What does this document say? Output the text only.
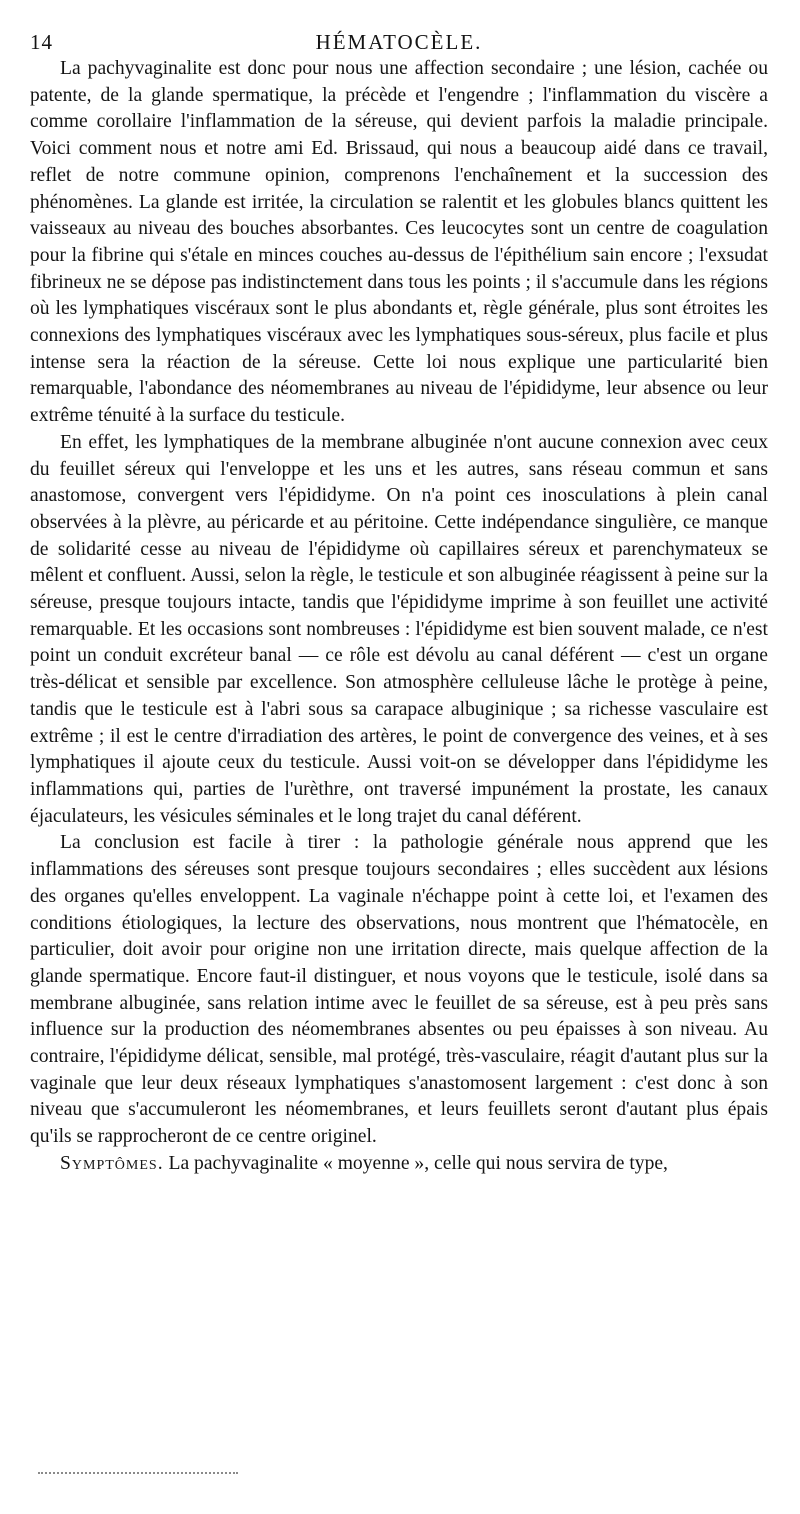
14	HÉMATOCÈLE.

La pachyvaginalite est donc pour nous une affection secondaire ; une lésion, cachée ou patente, de la glande spermatique, la précède et l'engendre ; l'inflammation du viscère a comme corollaire l'inflammation de la séreuse, qui devient parfois la maladie principale. Voici comment nous et notre ami Ed. Brissaud, qui nous a beaucoup aidé dans ce travail, reflet de notre commune opinion, comprenons l'enchaînement et la succession des phénomènes. La glande est irritée, la circulation se ralentit et les globules blancs quittent les vaisseaux au niveau des bouches absorbantes. Ces leucocytes sont un centre de coagulation pour la fibrine qui s'étale en minces couches au-dessus de l'épithélium sain encore ; l'exsudat fibrineux ne se dépose pas indistinctement dans tous les points ; il s'accumule dans les régions où les lymphatiques viscéraux sont le plus abondants et, règle générale, plus sont étroites les connexions des lymphatiques viscéraux avec les lymphatiques sous-séreux, plus facile et plus intense sera la réaction de la séreuse. Cette loi nous explique une particularité bien remarquable, l'abondance des néomembranes au niveau de l'épididyme, leur absence ou leur extrême ténuité à la surface du testicule.

En effet, les lymphatiques de la membrane albuginée n'ont aucune connexion avec ceux du feuillet séreux qui l'enveloppe et les uns et les autres, sans réseau commun et sans anastomose, convergent vers l'épididyme. On n'a point ces inosculations à plein canal observées à la plèvre, au péricarde et au péritoine. Cette indépendance singulière, ce manque de solidarité cesse au niveau de l'épididyme où capillaires séreux et parenchymateux se mêlent et confluent. Aussi, selon la règle, le testicule et son albuginée réagissent à peine sur la séreuse, presque toujours intacte, tandis que l'épididyme imprime à son feuillet une activité remarquable. Et les occasions sont nombreuses : l'épididyme est bien souvent malade, ce n'est point un conduit excréteur banal — ce rôle est dévolu au canal déférent — c'est un organe très-délicat et sensible par excellence. Son atmosphère celluleuse lâche le protège à peine, tandis que le testicule est à l'abri sous sa carapace albuginique ; sa richesse vasculaire est extrême ; il est le centre d'irradiation des artères, le point de convergence des veines, et à ses lymphatiques il ajoute ceux du testicule. Aussi voit-on se développer dans l'épididyme les inflammations qui, parties de l'urèthre, ont traversé impunément la prostate, les canaux éjaculateurs, les vésicules séminales et le long trajet du canal déférent.

La conclusion est facile à tirer : la pathologie générale nous apprend que les inflammations des séreuses sont presque toujours secondaires ; elles succèdent aux lésions des organes qu'elles enveloppent. La vaginale n'échappe point à cette loi, et l'examen des conditions étiologiques, la lecture des observations, nous montrent que l'hématocèle, en particulier, doit avoir pour origine non une irritation directe, mais quelque affection de la glande spermatique. Encore faut-il distinguer, et nous voyons que le testicule, isolé dans sa membrane albuginée, sans relation intime avec le feuillet de sa séreuse, est à peu près sans influence sur la production des néomembranes absentes ou peu épaisses à son niveau. Au contraire, l'épididyme délicat, sensible, mal protégé, très-vasculaire, réagit d'autant plus sur la vaginale que leur deux réseaux lymphatiques s'anastomosent largement : c'est donc à son niveau que s'accumuleront les néomembranes, et leurs feuillets seront d'autant plus épais qu'ils se rapprocheront de ce centre originel.

Symptômes. La pachyvaginalite « moyenne », celle qui nous servira de type,
